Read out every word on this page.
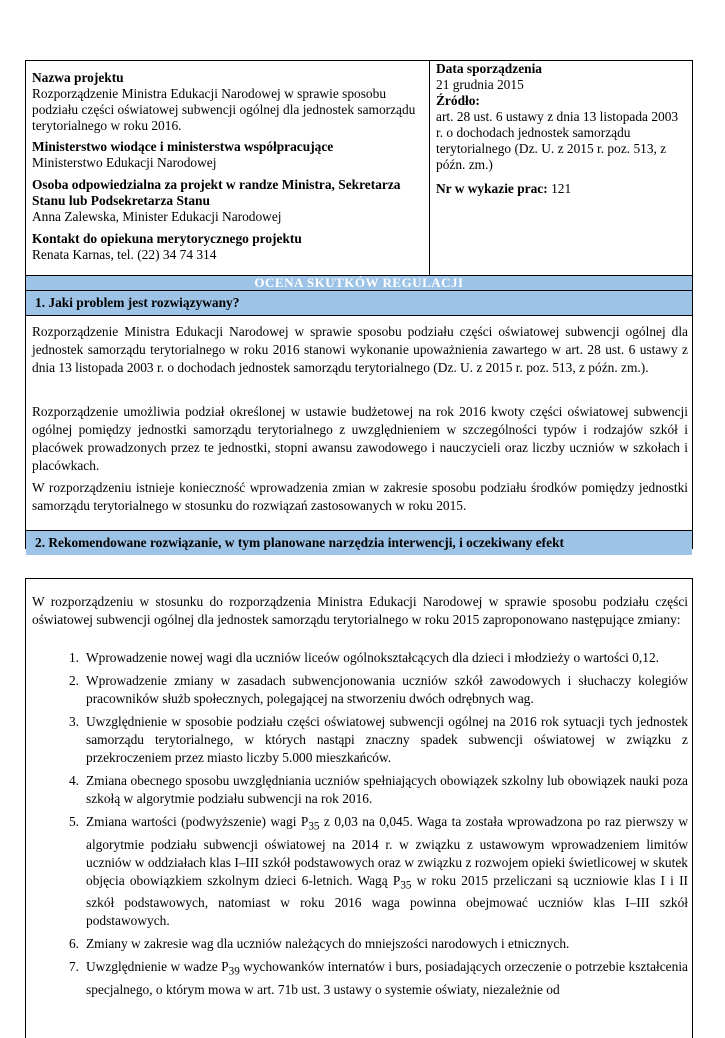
Nazwa projektu
Rozporządzenie Ministra Edukacji Narodowej w sprawie sposobu podziału części oświatowej subwencji ogólnej dla jednostek samorządu terytorialnego w roku 2016.
Ministerstwo wiodące i ministerstwa współpracujące
Ministerstwo Edukacji Narodowej
Osoba odpowiedzialna za projekt w randze Ministra, Sekretarza Stanu lub Podsekretarza Stanu
Anna Zalewska, Minister Edukacji Narodowej
Kontakt do opiekuna merytorycznego projektu
Renata Karnas, tel. (22) 34 74 314
Data sporządzenia
21 grudnia 2015
Źródło:
art. 28 ust. 6 ustawy z dnia 13 listopada 2003 r. o dochodach jednostek samorządu terytorialnego (Dz. U. z 2015 r. poz. 513, z późn. zm.)
Nr w wykazie prac: 121
OCENA SKUTKÓW REGULACJI
1. Jaki problem jest rozwiązywany?
Rozporządzenie Ministra Edukacji Narodowej w sprawie sposobu podziału części oświatowej subwencji ogólnej dla jednostek samorządu terytorialnego w roku 2016 stanowi wykonanie upoważnienia zawartego w art. 28 ust. 6 ustawy z dnia 13 listopada 2003 r. o dochodach jednostek samorządu terytorialnego (Dz. U. z 2015 r. poz. 513, z późn. zm.).
Rozporządzenie umożliwia podział określonej w ustawie budżetowej na rok 2016 kwoty części oświatowej subwencji ogólnej pomiędzy jednostki samorządu terytorialnego z uwzględnieniem w szczególności typów i rodzajów szkół i placówek prowadzonych przez te jednostki, stopni awansu zawodowego i nauczycieli oraz liczby uczniów w szkołach i placówkach.
W rozporządzeniu istnieje konieczność wprowadzenia zmian w zakresie sposobu podziału środków pomiędzy jednostki samorządu terytorialnego w stosunku do rozwiązań zastosowanych w roku 2015.
2. Rekomendowane rozwiązanie, w tym planowane narzędzia interwencji, i oczekiwany efekt
W rozporządzeniu w stosunku do rozporządzenia Ministra Edukacji Narodowej w sprawie sposobu podziału części oświatowej subwencji ogólnej dla jednostek samorządu terytorialnego w roku 2015 zaproponowano następujące zmiany:
1. Wprowadzenie nowej wagi dla uczniów liceów ogólnokształcących dla dzieci i młodzieży o wartości 0,12.
2. Wprowadzenie zmiany w zasadach subwencjonowania uczniów szkół zawodowych i słuchaczy kolegiów pracowników służb społecznych, polegającej na stworzeniu dwóch odrębnych wag.
3. Uwzględnienie w sposobie podziału części oświatowej subwencji ogólnej na 2016 rok sytuacji tych jednostek samorządu terytorialnego, w których nastąpi znaczny spadek subwencji oświatowej w związku z przekroczeniem przez miasto liczby 5.000 mieszkańców.
4. Zmiana obecnego sposobu uwzględniania uczniów spełniających obowiązek szkolny lub obowiązek nauki poza szkołą w algorytmie podziału subwencji na rok 2016.
5. Zmiana wartości (podwyższenie) wagi $P_{35}$ z 0,03 na 0,045. Waga ta została wprowadzona po raz pierwszy w algorytmie podziału subwencji oświatowej na 2014 r. w związku z ustawowym wprowadzeniem limitów uczniów w oddziałach klas I–III szkół podstawowych oraz w związku z rozwojem opieki świetlicowej w skutek objęcia obowiązkiem szkolnym dzieci 6-letnich. Wagą $P_{35}$ w roku 2015 przeliczani są uczniowie klas I i II szkół podstawowych, natomiast w roku 2016 waga powinna obejmować uczniów klas I–III szkół podstawowych.
6. Zmiany w zakresie wag dla uczniów należących do mniejszości narodowych i etnicznych.
7. Uwzględnienie w wadze $P_{39}$ wychowanków internatów i burs, posiadających orzeczenie o potrzebie kształcenia specjalnego, o którym mowa w art. 71b ust. 3 ustawy o systemie oświaty, niezależnie od
